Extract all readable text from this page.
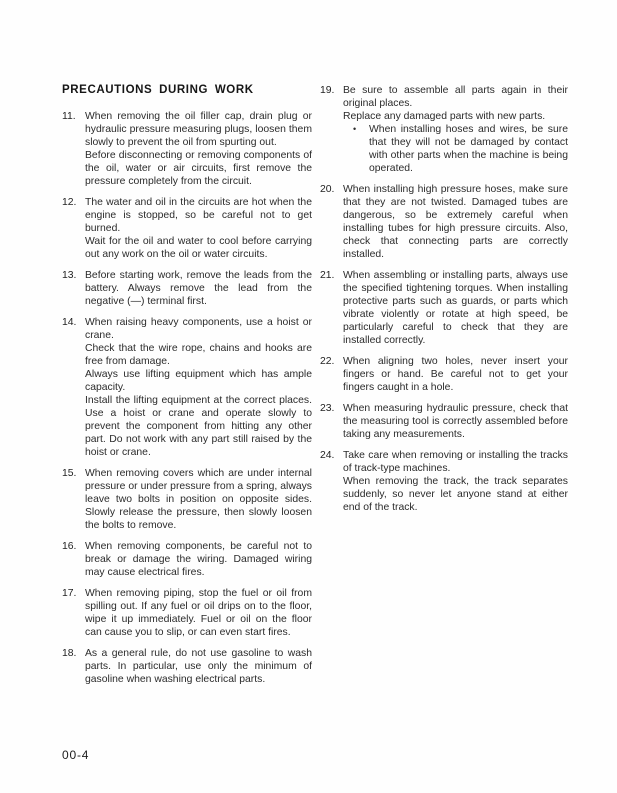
PRECAUTIONS DURING WORK
11. When removing the oil filler cap, drain plug or hydraulic pressure measuring plugs, loosen them slowly to prevent the oil from spurting out.

Before disconnecting or removing components of the oil, water or air circuits, first remove the pressure completely from the circuit.

12. The water and oil in the circuits are hot when the engine is stopped, so be careful not to get burned.

Wait for the oil and water to cool before carrying out any work on the oil or water circuits.

13. Before starting work, remove the leads from the battery. Always remove the lead from the negative (—) terminal first.

14. When raising heavy components, use a hoist or crane.

Check that the wire rope, chains and hooks are free from damage.

Always use lifting equipment which has ample capacity.

Install the lifting equipment at the correct places. Use a hoist or crane and operate slowly to prevent the component from hitting any other part. Do not work with any part still raised by the hoist or crane.

15. When removing covers which are under internal pressure or under pressure from a spring, always leave two bolts in position on opposite sides. Slowly release the pressure, then slowly loosen the bolts to remove.

16. When removing components, be careful not to break or damage the wiring. Damaged wiring may cause electrical fires.

17. When removing piping, stop the fuel or oil from spilling out. If any fuel or oil drips on to the floor, wipe it up immediately. Fuel or oil on the floor can cause you to slip, or can even start fires.

18. As a general rule, do not use gasoline to wash parts. In particular, use only the minimum of gasoline when washing electrical parts.

19. Be sure to assemble all parts again in their original places.

Replace any damaged parts with new parts.

•	When installing hoses and wires, be sure that they will not be damaged by contact with other parts when the machine is being operated.

20. When installing high pressure hoses, make sure that they are not twisted. Damaged tubes are dangerous, so be extremely careful when installing tubes for high pressure circuits. Also, check that connecting parts are correctly installed.

21. When assembling or installing parts, always use the specified tightening torques. When installing protective parts such as guards, or parts which vibrate violently or rotate at high speed, be particularly careful to check that they are installed correctly.

22. When aligning two holes, never insert your fingers or hand. Be careful not to get your fingers caught in a hole.

23. When measuring hydraulic pressure, check that the measuring tool is correctly assembled before taking any measurements.

24. Take care when removing or installing the tracks of track-type machines.

When removing the track, the track separates suddenly, so never let anyone stand at either end of the track.

00-4
